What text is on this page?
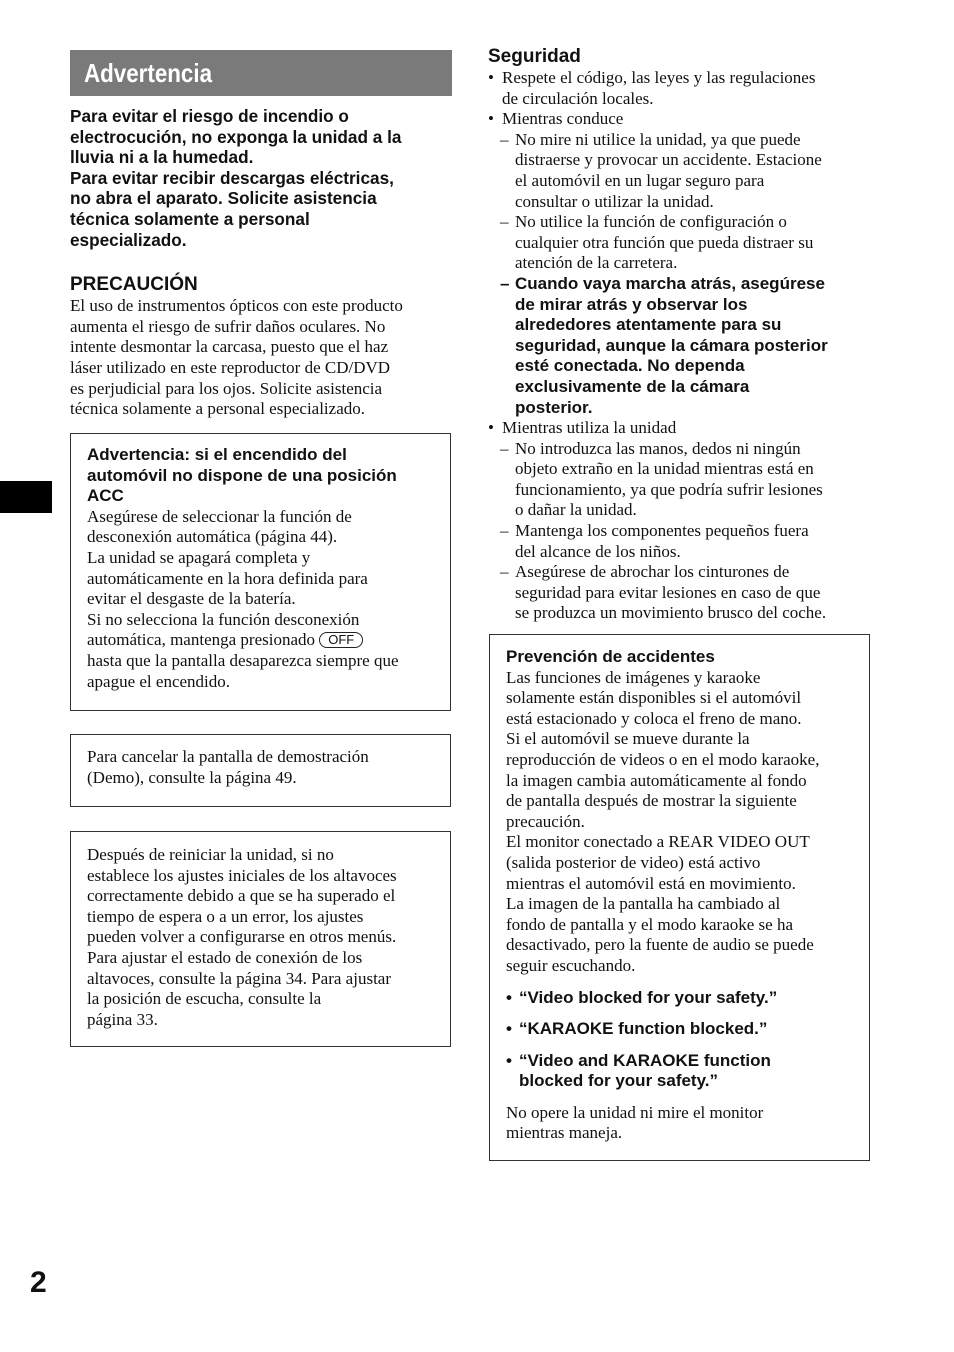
2
Advertencia

Para evitar el riesgo de incendio o

electrocución, no exponga la unidad a la

lluvia ni a la humedad.

Para evitar recibir descargas eléctricas,

no abra el aparato. Solicite asistencia

técnica solamente a personal

especializado.

PRECAUCIÓN

El uso de instrumentos ópticos con este producto

aumenta el riesgo de sufrir daños oculares. No

intente desmontar la carcasa, puesto que el haz

láser utilizado en este reproductor de CD/DVD

es perjudicial para los ojos. Solicite asistencia

técnica solamente a personal especializado.

Advertencia: si el encendido del

automóvil no dispone de una posición

ACC

Asegúrese de seleccionar la función de

desconexión automática (página 44).

La unidad se apagará completa y

automáticamente en la hora definida para

evitar el desgaste de la batería.

Si no selecciona la función desconexión

automática, mantenga presionado OFF

hasta que la pantalla desaparezca siempre que

apague el encendido.

Para cancelar la pantalla de demostración

(Demo), consulte la página 49.

Después de reiniciar la unidad, si no

establece los ajustes iniciales de los altavoces

correctamente debido a que se ha superado el

tiempo de espera o a un error, los ajustes

pueden volver a configurarse en otros menús.

Para ajustar el estado de conexión de los

altavoces, consulte la página 34. Para ajustar

la posición de escucha, consulte la

página 33.

Seguridad
• Respete el código, las leyes y las regulaciones

de circulación locales.

• Mientras conduce

– No mire ni utilice la unidad, ya que puede

distraerse y provocar un accidente. Estacione

el automóvil en un lugar seguro para

consultar o utilizar la unidad.

– No utilice la función de configuración o

cualquier otra función que pueda distraer su

atención de la carretera.

– Cuando vaya marcha atrás, asegúrese

de mirar atrás y observar los

alrededores atentamente para su

seguridad, aunque la cámara posterior

esté conectada. No dependa

exclusivamente de la cámara

posterior.

• Mientras utiliza la unidad

– No introduzca las manos, dedos ni ningún

objeto extraño en la unidad mientras está en

funcionamiento, ya que podría sufrir lesiones

o dañar la unidad.

– Mantenga los componentes pequeños fuera

del alcance de los niños.

– Asegúrese de abrochar los cinturones de

seguridad para evitar lesiones en caso de que

se produzca un movimiento brusco del coche.

Prevención de accidentes

Las funciones de imágenes y karaoke

solamente están disponibles si el automóvil

está estacionado y coloca el freno de mano.

Si el automóvil se mueve durante la

reproducción de videos o en el modo karaoke,

la imagen cambia automáticamente al fondo

de pantalla después de mostrar la siguiente

precaución.

El monitor conectado a REAR VIDEO OUT

(salida posterior de video) está activo

mientras el automóvil está en movimiento.

La imagen de la pantalla ha cambiado al

fondo de pantalla y el modo karaoke se ha

desactivado, pero la fuente de audio se puede

seguir escuchando.

• “Video blocked for your safety.”

• “KARAOKE function blocked.”

• “Video and KARAOKE function

blocked for your safety.”

No opere la unidad ni mire el monitor

mientras maneja.
